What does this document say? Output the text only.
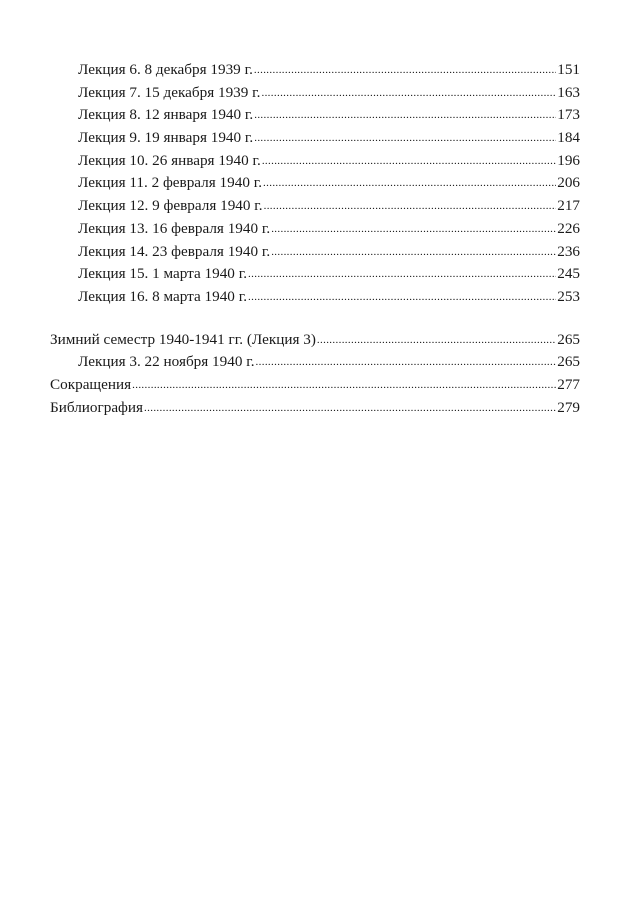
Лекция 6. 8 декабря 1939 г. .....	151
Лекция 7. 15 декабря 1939 г. .....	163
Лекция 8. 12 января 1940 г. .....	173
Лекция 9. 19 января 1940 г. .....	184
Лекция 10. 26 января 1940 г. .....	196
Лекция 11. 2 февраля 1940 г. .....	206
Лекция 12. 9 февраля 1940 г. .....	217
Лекция 13. 16 февраля 1940 г. .....	226
Лекция 14. 23 февраля 1940 г. .....	236
Лекция 15. 1 марта 1940 г. .....	245
Лекция 16. 8 марта 1940 г. .....	253
Зимний семестр 1940-1941 гг. (Лекция 3) .....	265
Лекция 3. 22 ноября 1940 г. .....	265
Сокращения .....	277
Библиография .....	279
